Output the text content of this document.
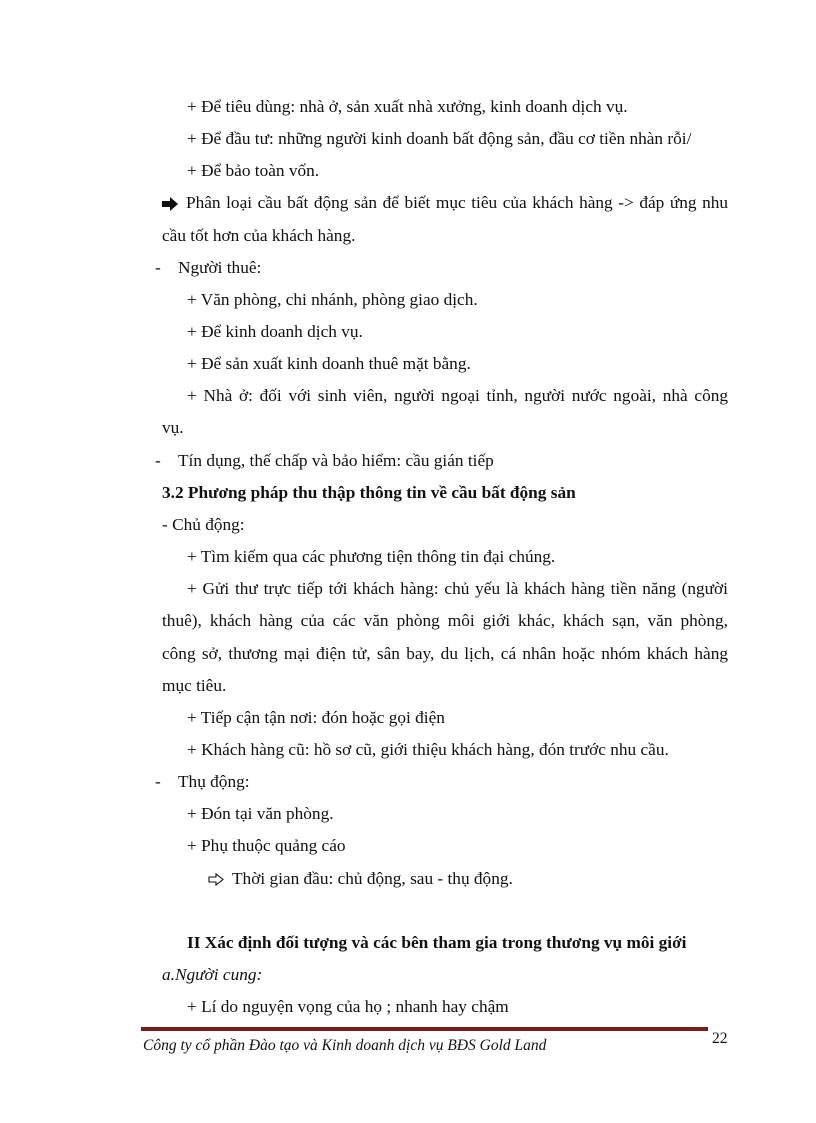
+ Để tiêu dùng: nhà ở, sản xuất nhà xưởng, kinh doanh dịch vụ.
+ Để đầu tư: những người kinh doanh bất động sản, đầu cơ tiền nhàn rỗi/
+ Để bảo toàn vốn.
Phân loại cầu bất động sản để biết mục tiêu của khách hàng -> đáp ứng nhu
cầu tốt hơn của khách hàng.
- Người thuê:
+ Văn phòng, chi nhánh, phòng giao dịch.
+ Để kinh doanh dịch vụ.
+ Để sản xuất kinh doanh thuê mặt bằng.
+ Nhà ở: đối với sinh viên, người ngoại tỉnh, người nước ngoài, nhà công
vụ.
- Tín dụng, thế chấp và bảo hiểm: cầu gián tiếp
3.2 Phương pháp thu thập thông tin về cầu bất động sản
- Chủ động:
+ Tìm kiếm qua các phương tiện thông tin đại chúng.
+ Gửi thư trực tiếp tới khách hàng: chủ yếu là khách hàng tiền năng (người
thuê), khách hàng của các văn phòng môi giới khác, khách sạn, văn phòng,
công sở, thương mại điện tử, sân bay, du lịch, cá nhân hoặc nhóm khách hàng
mục tiêu.
+ Tiếp cận tận nơi: đón hoặc gọi điện
+ Khách hàng cũ: hồ sơ cũ, giới thiệu khách hàng, đón trước nhu cầu.
- Thụ động:
+ Đón tại văn phòng.
+ Phụ thuộc quảng cáo
Thời gian đầu: chủ động, sau - thụ động.
II Xác định đối tượng và các bên tham gia trong thương vụ môi giới
a.Người cung:
+ Lí do nguyện vọng của họ ; nhanh hay chậm
Công ty cổ phần Đào tạo và Kinh doanh dịch vụ BĐS Gold Land	22
